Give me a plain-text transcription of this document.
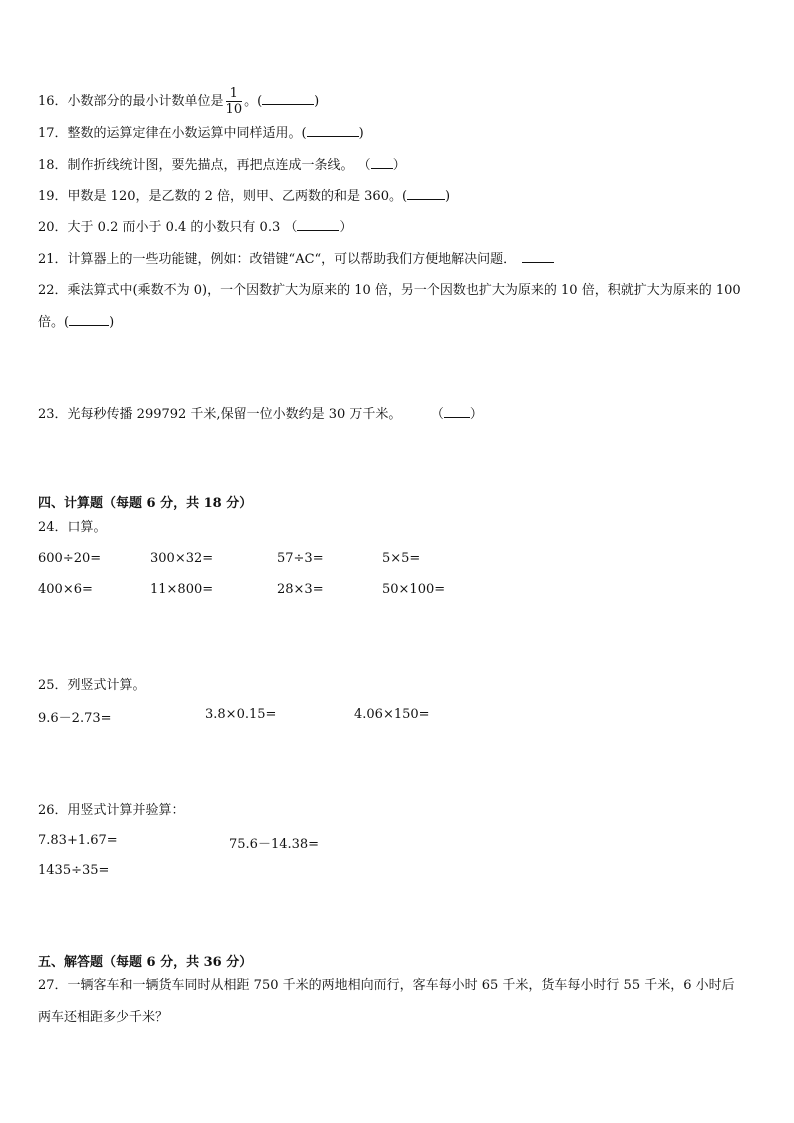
16．小数部分的最小计数单位是 $\frac{1}{10}$ 。(	)
17．整数的运算定律在小数运算中同样适用。(	)
18．制作折线统计图，要先描点，再把点连成一条线。 （ ）
19．甲数是 120，是乙数的 2 倍，则甲、乙两数的和是 360。(	)
20．大于 0.2 而小于 0.4 的小数只有 0.3 （	）
21．计算器上的一些功能键，例如：改错键“AC“，可以帮助我们方便地解决问题．
22．乘法算式中(乘数不为 0)，一个因数扩大为原来的 10 倍，另一个因数也扩大为原来的 10 倍，积就扩大为原来的 100
倍。(	)
23．光每秒传播 299792 千米,保留一位小数约是 30 万千米。	（ ）
四、计算题（每题 6 分，共 18 分）
24．口算。
600÷20=	300×32=	57÷3=	5×5=
400×6=	11×800=	28×3=	50×100=
25．列竖式计算。
9.6－2.73=	3.8×0.15=	4.06×150=
26．用竖式计算并验算：
7.83+1.67=	75.6－14.38=
1435÷35=
五、解答题（每题 6 分，共 36 分）
27．一辆客车和一辆货车同时从相距 750 千米的两地相向而行，客车每小时 65 千米，货车每小时行 55 千米，6 小时后
两车还相距多少千米？
